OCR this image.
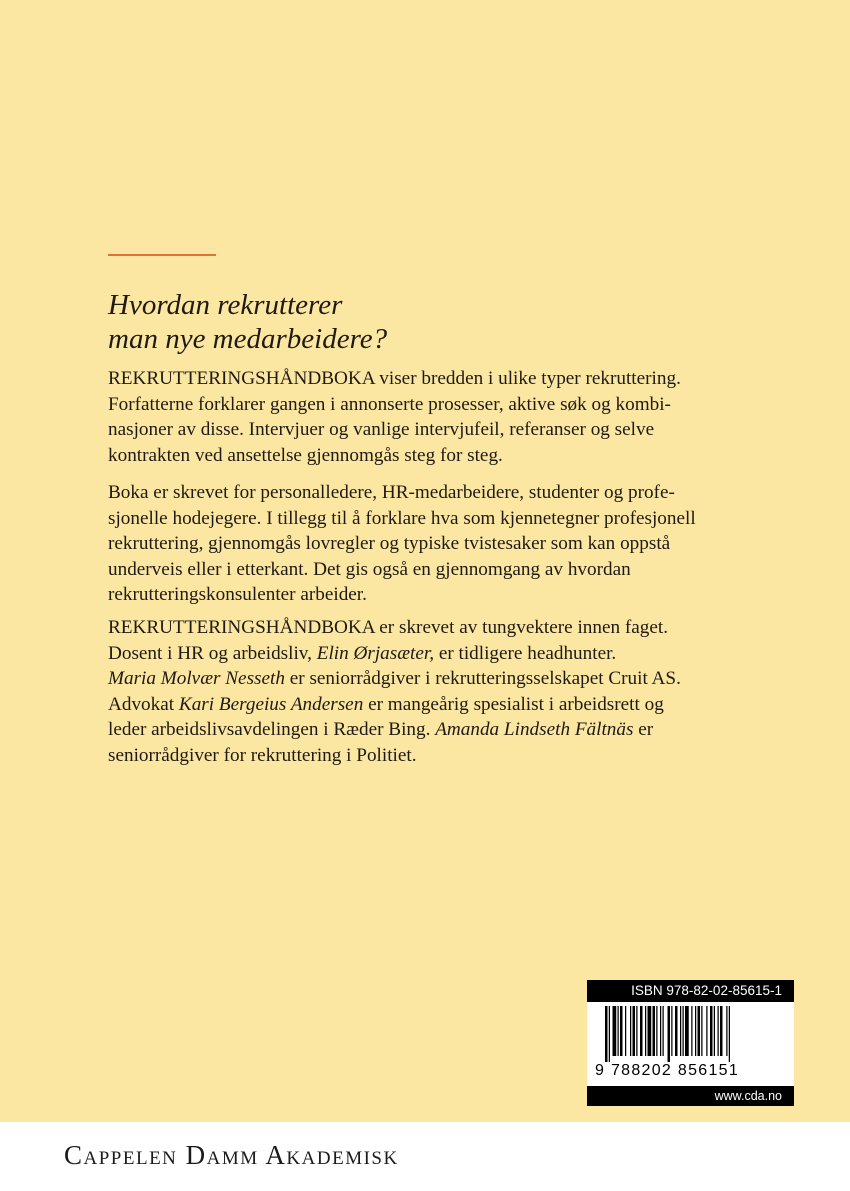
Hvordan rekrutterer
man nye medarbeidere?

REKRUTTERINGSHÅNDBOKA viser bredden i ulike typer rekruttering.
Forfatterne forklarer gangen i annonserte prosesser, aktive søk og kombi-
nasjoner av disse. Intervjuer og vanlige intervjufeil, referanser og selve
kontrakten ved ansettelse gjennomgås steg for steg.

Boka er skrevet for personalledere, HR-medarbeidere, studenter og profe-
sjonelle hodejegere. I tillegg til å forklare hva som kjennetegner profesjonell
rekruttering, gjennomgås lovregler og typiske tvistesaker som kan oppstå
underveis eller i etterkant. Det gis også en gjennomgang av hvordan
rekrutteringskonsulenter arbeider.

REKRUTTERINGSHÅNDBOKA er skrevet av tungvektere innen faget.
Dosent i HR og arbeidsliv, Elin Ørjasæter, er tidligere headhunter.
Maria Molvær Nesseth er seniorrådgiver i rekrutteringsselskapet Cruit AS.
Advokat Kari Bergeius Andersen er mangeårig spesialist i arbeidsrett og
leder arbeidslivsavdelingen i Ræder Bing. Amanda Lindseth Fältnäs er
seniorrådgiver for rekruttering i Politiet.

ISBN 978-82-02-85615-1
9 788202 856151
www.cda.no
Cappelen Damm Akademisk
